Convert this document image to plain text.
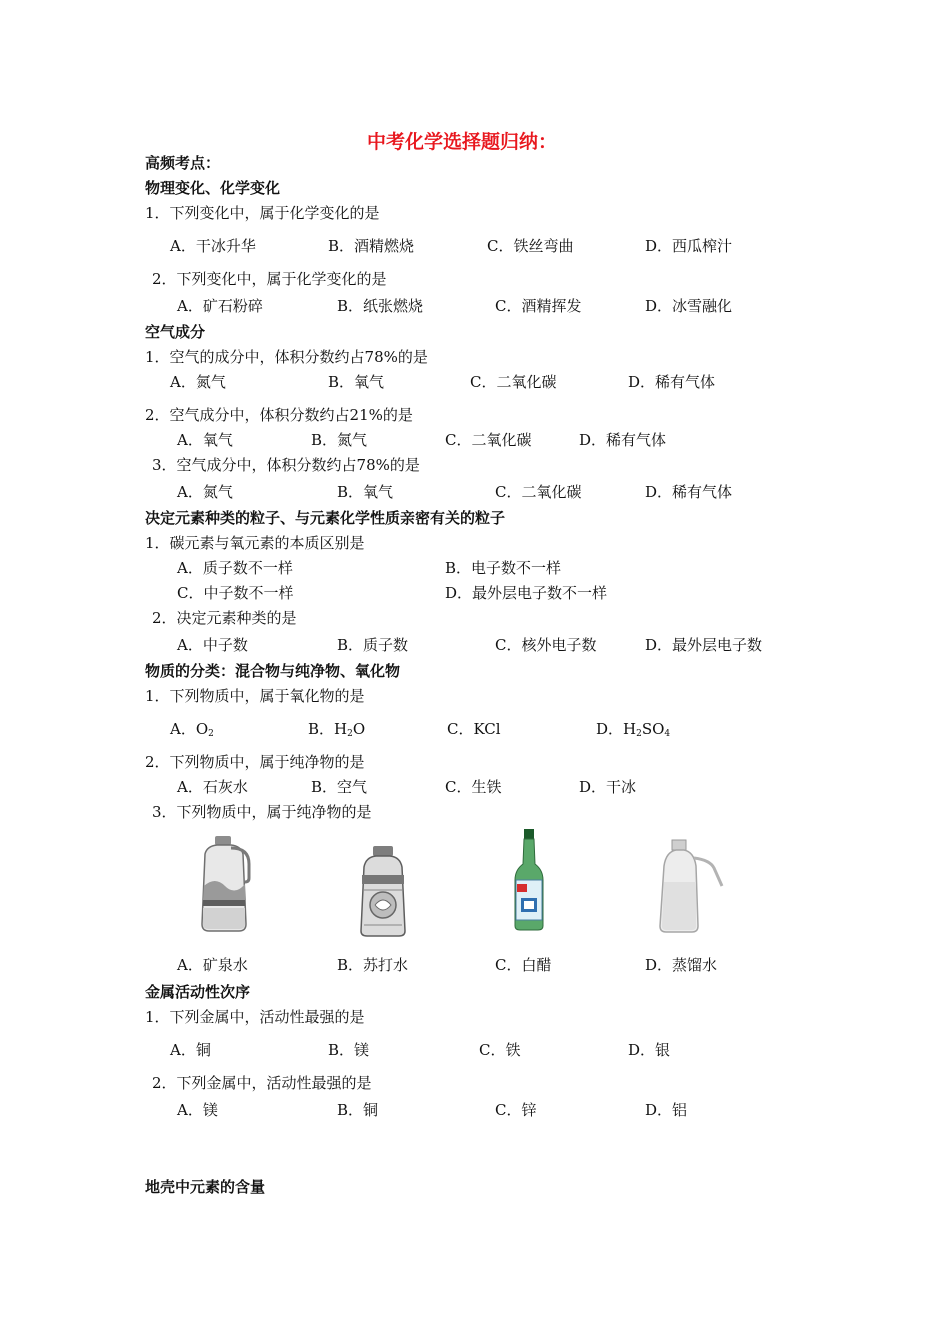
中考化学选择题归纳：
高频考点：
物理变化、化学变化
1．下列变化中，属于化学变化的是
A．干冰升华	B．酒精燃烧	C．铁丝弯曲	D．西瓜榨汁
2．下列变化中，属于化学变化的是
A．矿石粉碎	B．纸张燃烧	C．酒精挥发	D．冰雪融化
空气成分
1．空气的成分中，体积分数约占78%的是
A．氮气	B．氧气	C．二氧化碳	D．稀有气体
2．空气成分中，体积分数约占21%的是
A．氧气	B．氮气	C．二氧化碳	D．稀有气体
3．空气成分中，体积分数约占78%的是
A．氮气	B．氧气	C．二氧化碳	D．稀有气体
决定元素种类的粒子、与元素化学性质亲密有关的粒子
1．碳元素与氧元素的本质区别是
A．质子数不一样	B．电子数不一样
C．中子数不一样	D．最外层电子数不一样
2．决定元素种类的是
A．中子数	B．质子数	C．核外电子数	D．最外层电子数
物质的分类：混合物与纯净物、氧化物
1．下列物质中，属于氧化物的是
A．$O_2$	B．$H_2O$	C．KCl	D．$H_2SO_4$
2．下列物质中，属于纯净物的是
A．石灰水	B．空气	C．生铁	D．干冰
3．下列物质中，属于纯净物的是
A．矿泉水	B．苏打水	C．白醋	D．蒸馏水
金属活动性次序
1．下列金属中，活动性最强的是
A．铜	B．镁	C．铁	D．银
2．下列金属中，活动性最强的是
A．镁	B．铜	C．锌	D．铝
地壳中元素的含量
